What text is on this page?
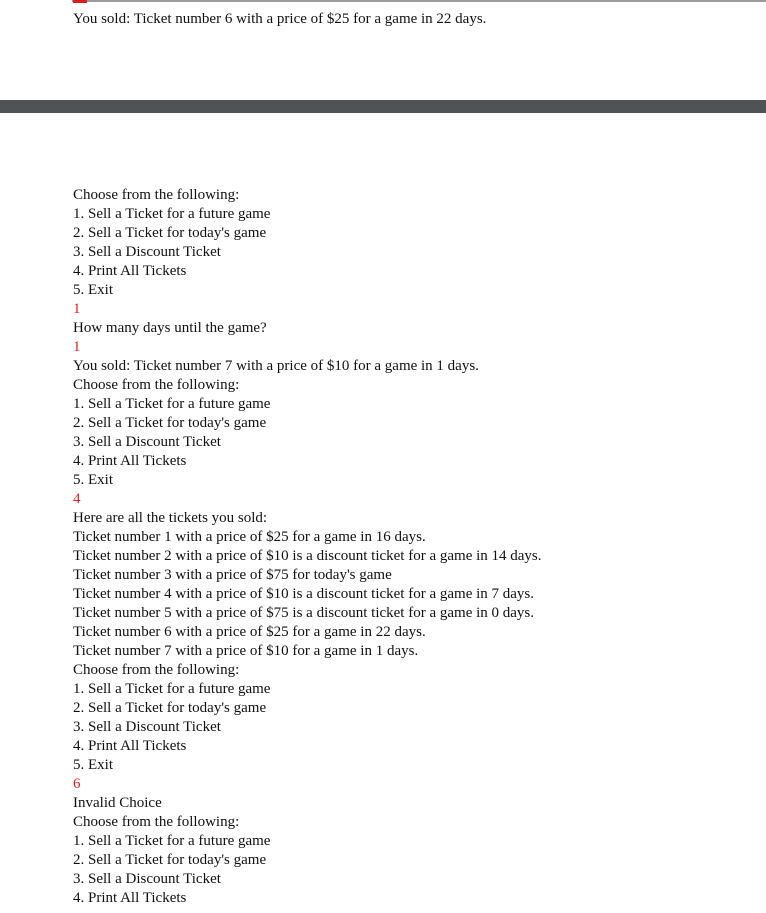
You sold: Ticket number 6 with a price of $25 for a game in 22 days.
Choose from the following:
1. Sell a Ticket for a future game
2. Sell a Ticket for today's game
3. Sell a Discount Ticket
4. Print All Tickets
5. Exit
1
How many days until the game?
1
You sold: Ticket number 7 with a price of $10 for a game in 1 days.
Choose from the following:
1. Sell a Ticket for a future game
2. Sell a Ticket for today's game
3. Sell a Discount Ticket
4. Print All Tickets
5. Exit
4
Here are all the tickets you sold:
Ticket number 1 with a price of $25 for a game in 16 days.
Ticket number 2 with a price of $10 is a discount ticket for a game in 14 days.
Ticket number 3 with a price of $75 for today's game
Ticket number 4 with a price of $10 is a discount ticket for a game in 7 days.
Ticket number 5 with a price of $75 is a discount ticket for a game in 0 days.
Ticket number 6 with a price of $25 for a game in 22 days.
Ticket number 7 with a price of $10 for a game in 1 days.
Choose from the following:
1. Sell a Ticket for a future game
2. Sell a Ticket for today's game
3. Sell a Discount Ticket
4. Print All Tickets
5. Exit
6
Invalid Choice
Choose from the following:
1. Sell a Ticket for a future game
2. Sell a Ticket for today's game
3. Sell a Discount Ticket
4. Print All Tickets
